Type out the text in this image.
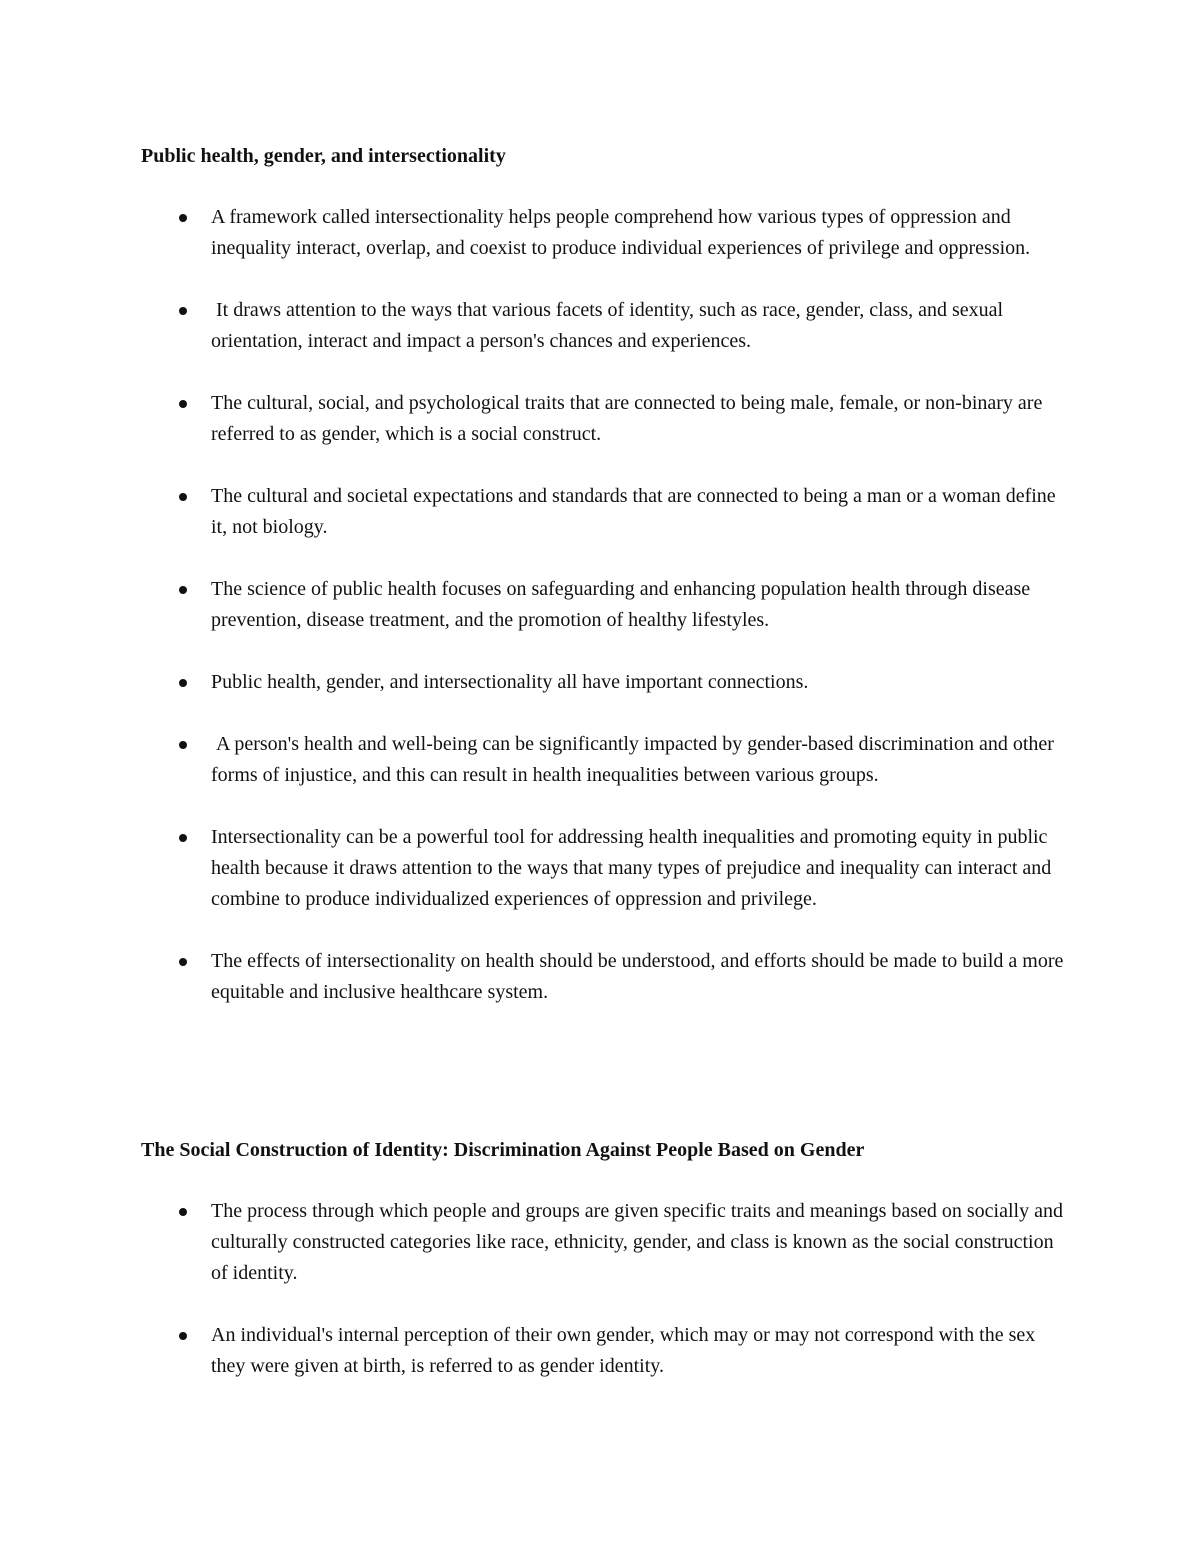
Public health, gender, and intersectionality
A framework called intersectionality helps people comprehend how various types of oppression and inequality interact, overlap, and coexist to produce individual experiences of privilege and oppression.
It draws attention to the ways that various facets of identity, such as race, gender, class, and sexual orientation, interact and impact a person's chances and experiences.
The cultural, social, and psychological traits that are connected to being male, female, or non-binary are referred to as gender, which is a social construct.
The cultural and societal expectations and standards that are connected to being a man or a woman define it, not biology.
The science of public health focuses on safeguarding and enhancing population health through disease prevention, disease treatment, and the promotion of healthy lifestyles.
Public health, gender, and intersectionality all have important connections.
A person's health and well-being can be significantly impacted by gender-based discrimination and other forms of injustice, and this can result in health inequalities between various groups.
Intersectionality can be a powerful tool for addressing health inequalities and promoting equity in public health because it draws attention to the ways that many types of prejudice and inequality can interact and combine to produce individualized experiences of oppression and privilege.
The effects of intersectionality on health should be understood, and efforts should be made to build a more equitable and inclusive healthcare system.
The Social Construction of Identity: Discrimination Against People Based on Gender
The process through which people and groups are given specific traits and meanings based on socially and culturally constructed categories like race, ethnicity, gender, and class is known as the social construction of identity.
An individual's internal perception of their own gender, which may or may not correspond with the sex they were given at birth, is referred to as gender identity.
